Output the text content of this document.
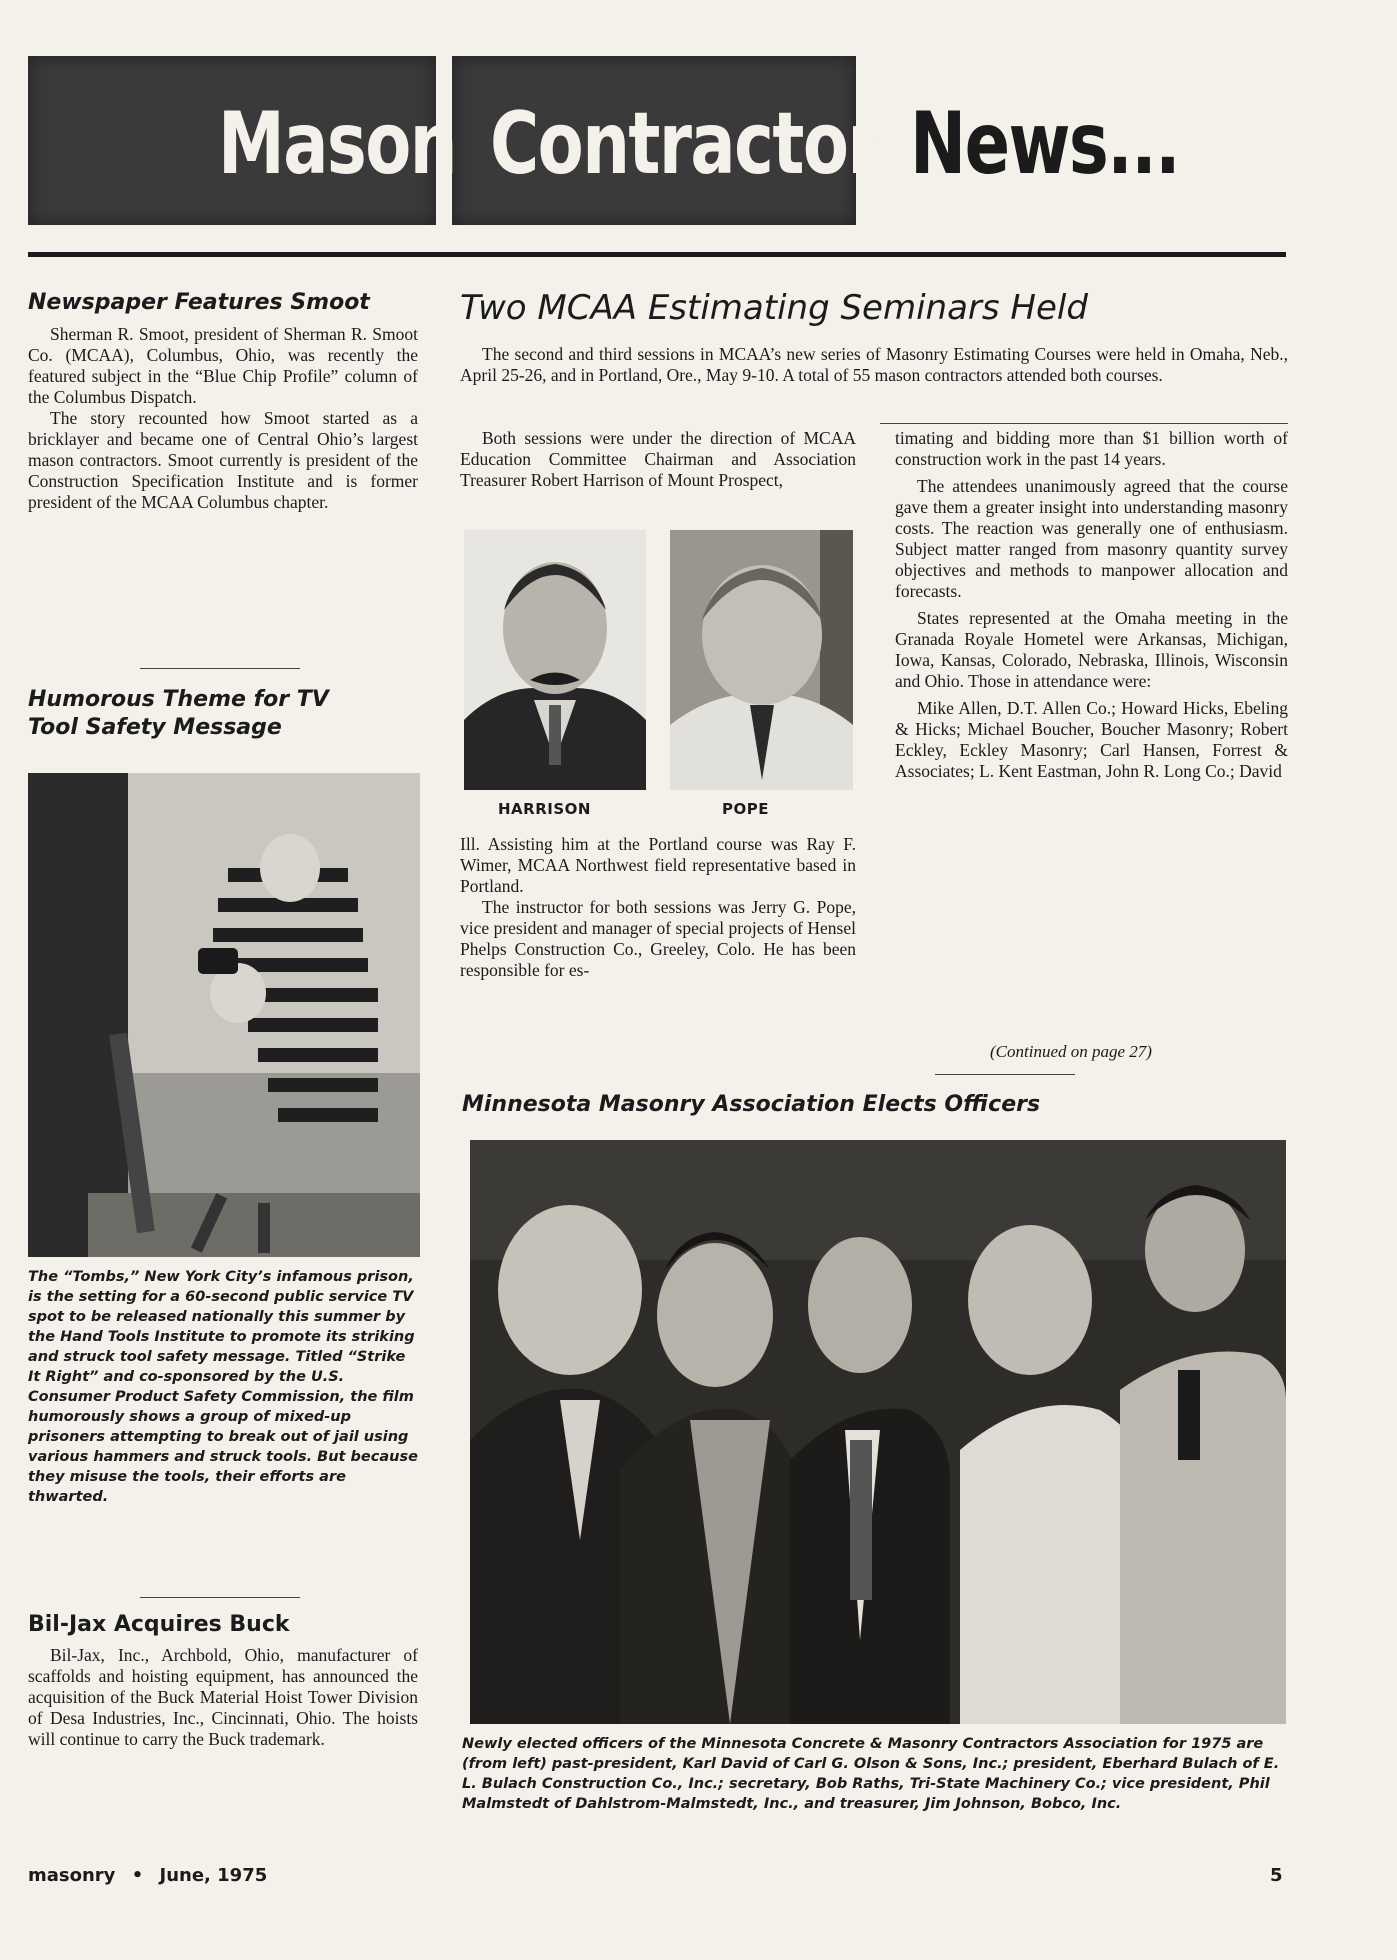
Mason Contractor News...
Newspaper Features Smoot

Sherman R. Smoot, president of Sherman R. Smoot Co. (MCAA), Columbus, Ohio, was recently the featured subject in the “Blue Chip Profile” column of the Columbus Dispatch.

The story recounted how Smoot started as a bricklayer and became one of Central Ohio’s largest mason contractors. Smoot currently is president of the Construction Specification Institute and is former president of the MCAA Columbus chapter.

Humorous Theme for TV
Tool Safety Message
The “Tombs,” New York City’s infamous prison, is the setting for a 60-second public service TV spot to be released nationally this summer by the Hand Tools Institute to promote its striking and struck tool safety message. Titled “Strike It Right” and co-sponsored by the U.S. Consumer Product Safety Commission, the film humorously shows a group of mixed-up prisoners attempting to break out of jail using various hammers and struck tools. But because they misuse the tools, their efforts are thwarted.
Bil-Jax Acquires Buck

Bil-Jax, Inc., Archbold, Ohio, manufacturer of scaffolds and hoisting equipment, has announced the acquisition of the Buck Material Hoist Tower Division of Desa Industries, Inc., Cincinnati, Ohio. The hoists will continue to carry the Buck trademark.

Two MCAA Estimating Seminars Held

The second and third sessions in MCAA’s new series of Masonry Estimating Courses were held in Omaha, Neb., April 25-26, and in Portland, Ore., May 9-10. A total of 55 mason contractors attended both courses.

Both sessions were under the direction of MCAA Education Committee Chairman and Association Treasurer Robert Harrison of Mount Prospect,

HARRISON	POPE

Ill. Assisting him at the Portland course was Ray F. Wimer, MCAA Northwest field representative based in Portland.

The instructor for both sessions was Jerry G. Pope, vice president and manager of special projects of Hensel Phelps Construction Co., Greeley, Colo. He has been responsible for es-

timating and bidding more than $1 billion worth of construction work in the past 14 years.

The attendees unanimously agreed that the course gave them a greater insight into understanding masonry costs. The reaction was generally one of enthusiasm. Subject matter ranged from masonry quantity survey objectives and methods to manpower allocation and forecasts.

States represented at the Omaha meeting in the Granada Royale Hometel were Arkansas, Michigan, Iowa, Kansas, Colorado, Nebraska, Illinois, Wisconsin and Ohio. Those in attendance were:

Mike Allen, D.T. Allen Co.; Howard Hicks, Ebeling & Hicks; Michael Boucher, Boucher Masonry; Robert Eckley, Eckley Masonry; Carl Hansen, Forrest & Associates; L. Kent Eastman, John R. Long Co.; David

(Continued on page 27)
Minnesota Masonry Association Elects Officers
Newly elected officers of the Minnesota Concrete & Masonry Contractors Association for 1975 are (from left) past-president, Karl David of Carl G. Olson & Sons, Inc.; president, Eberhard Bulach of E. L. Bulach Construction Co., Inc.; secretary, Bob Raths, Tri-State Machinery Co.; vice president, Phil Malmstedt of Dahlstrom-Malmstedt, Inc., and treasurer, Jim Johnson, Bobco, Inc.
masonry • June, 1975	5
